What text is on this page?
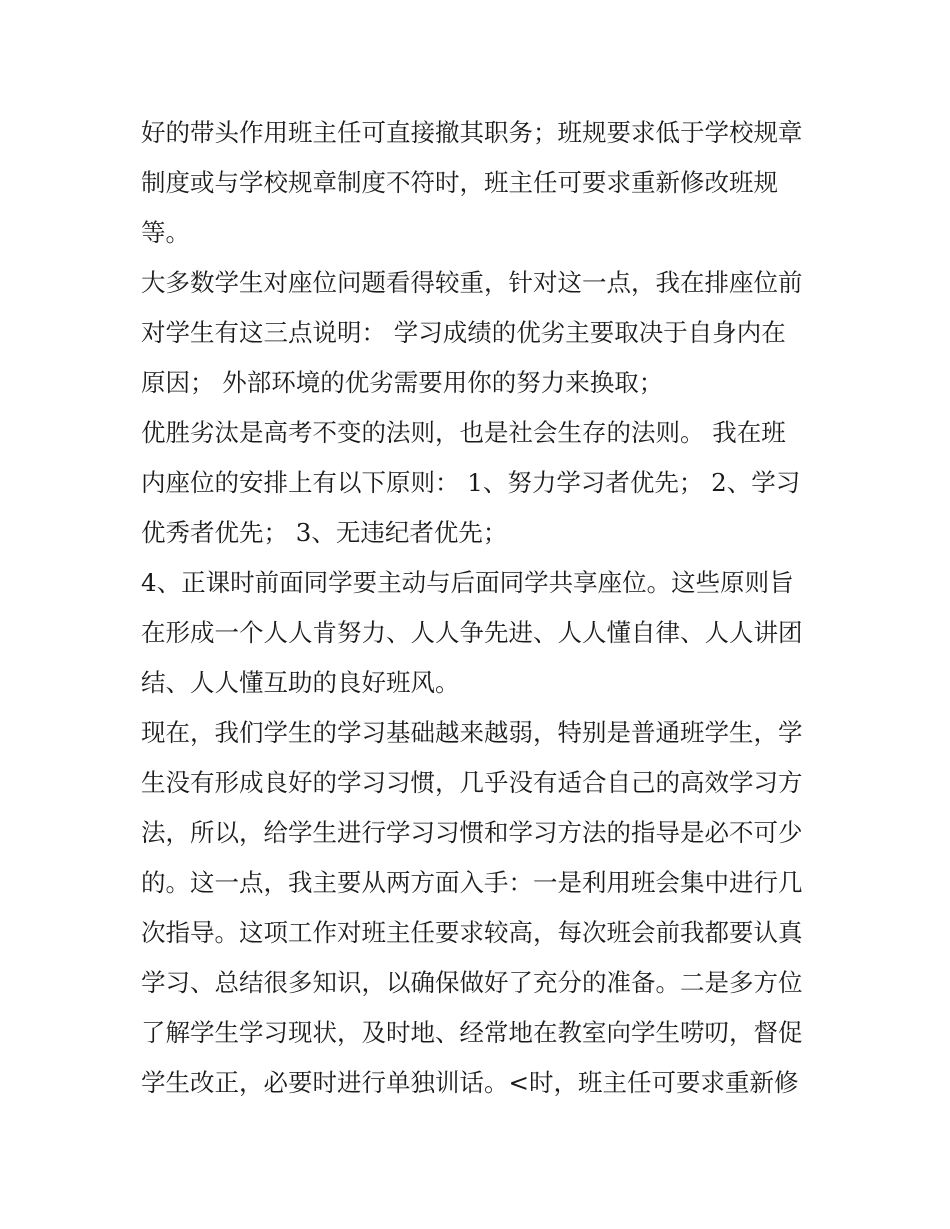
好的带头作用班主任可直接撤其职务；班规要求低于学校规章
制度或与学校规章制度不符时，班主任可要求重新修改班规
等。
大多数学生对座位问题看得较重，针对这一点，我在排座位前
对学生有这三点说明： 学习成绩的优劣主要取决于自身内在
原因； 外部环境的优劣需要用你的努力来换取；
优胜劣汰是高考不变的法则，也是社会生存的法则。 我在班
内座位的安排上有以下原则： 1、努力学习者优先； 2、学习
优秀者优先； 3、无违纪者优先；
4、正课时前面同学要主动与后面同学共享座位。这些原则旨
在形成一个人人肯努力、人人争先进、人人懂自律、人人讲团
结、人人懂互助的良好班风。
现在，我们学生的学习基础越来越弱，特别是普通班学生，学
生没有形成良好的学习习惯，几乎没有适合自己的高效学习方
法，所以，给学生进行学习习惯和学习方法的指导是必不可少
的。这一点，我主要从两方面入手：一是利用班会集中进行几
次指导。这项工作对班主任要求较高，每次班会前我都要认真
学习、总结很多知识，以确保做好了充分的准备。二是多方位
了解学生学习现状，及时地、经常地在教室向学生唠叨，督促
学生改正，必要时进行单独训话。<时，班主任可要求重新修
